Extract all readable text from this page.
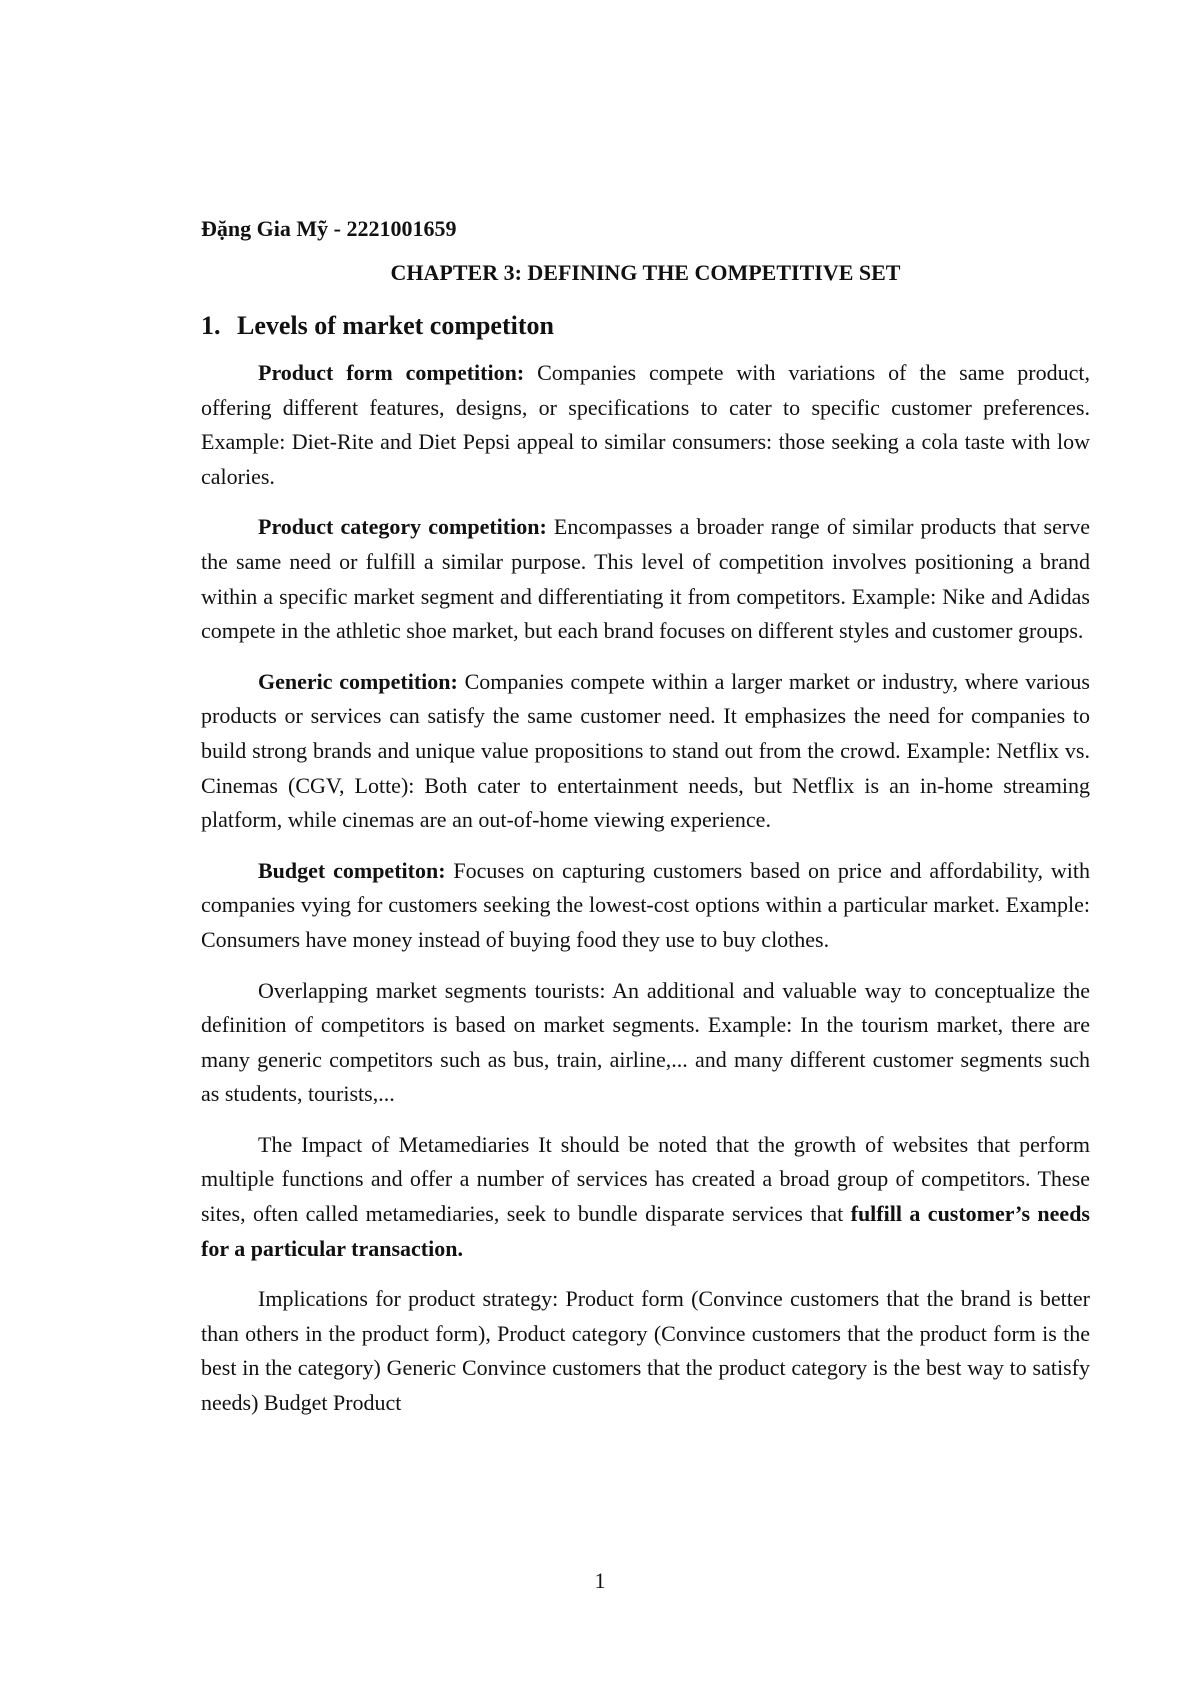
Đặng Gia Mỹ - 2221001659

CHAPTER 3: DEFINING THE COMPETITIVE SET

1. Levels of market competiton

Product form competition: Companies compete with variations of the same product, offering different features, designs, or specifications to cater to specific customer preferences. Example: Diet-Rite and Diet Pepsi appeal to similar consumers: those seeking a cola taste with low calories.

Product category competition: Encompasses a broader range of similar products that serve the same need or fulfill a similar purpose. This level of competition involves positioning a brand within a specific market segment and differentiating it from competitors. Example: Nike and Adidas compete in the athletic shoe market, but each brand focuses on different styles and customer groups.

Generic competition: Companies compete within a larger market or industry, where various products or services can satisfy the same customer need. It emphasizes the need for companies to build strong brands and unique value propositions to stand out from the crowd. Example: Netflix vs. Cinemas (CGV, Lotte): Both cater to entertainment needs, but Netflix is an in-home streaming platform, while cinemas are an out-of-home viewing experience.

Budget competiton: Focuses on capturing customers based on price and affordability, with companies vying for customers seeking the lowest-cost options within a particular market. Example: Consumers have money instead of buying food they use to buy clothes.

Overlapping market segments tourists: An additional and valuable way to conceptualize the definition of competitors is based on market segments. Example: In the tourism market, there are many generic competitors such as bus, train, airline,... and many different customer segments such as students, tourists,...

The Impact of Metamediaries It should be noted that the growth of websites that perform multiple functions and offer a number of services has created a broad group of competitors. These sites, often called metamediaries, seek to bundle disparate services that fulfill a customer’s needs for a particular transaction.

Implications for product strategy: Product form (Convince customers that the brand is better than others in the product form), Product category (Convince customers that the product form is the best in the category) Generic Convince customers that the product category is the best way to satisfy needs) Budget Product

1
